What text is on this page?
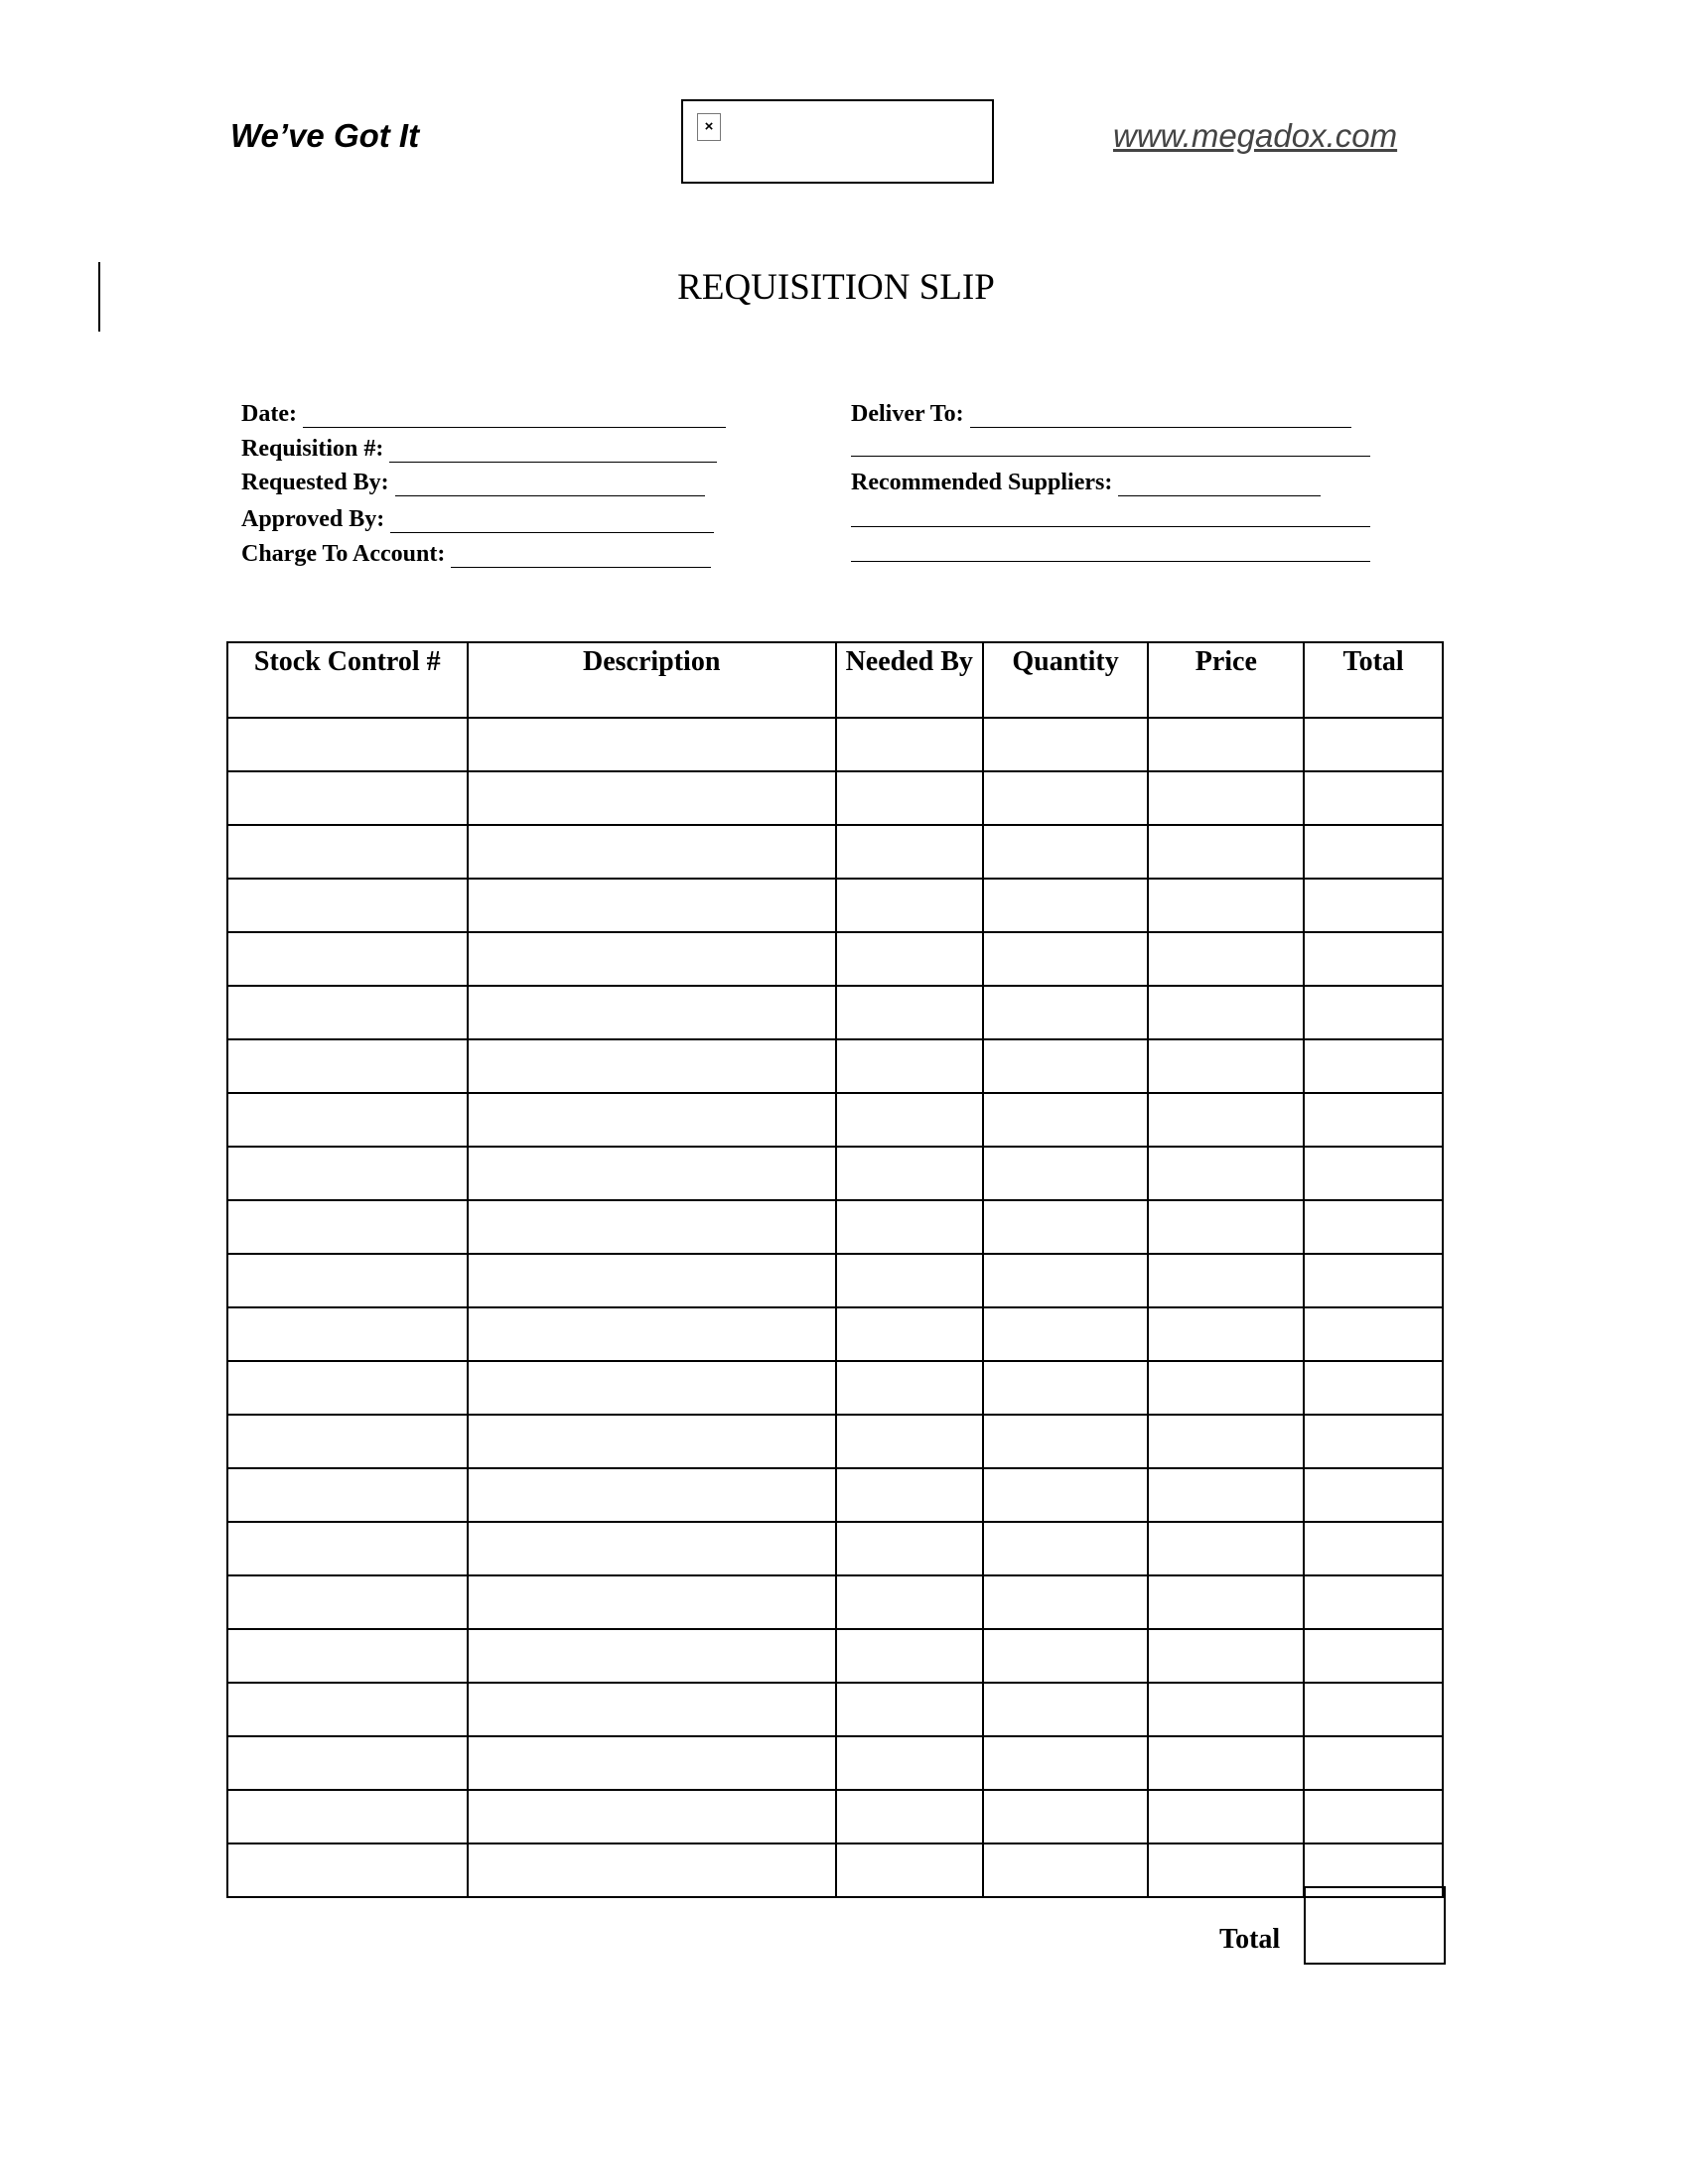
We’ve Got It	×	www.megadox.com
REQUISITION SLIP
Date:
Requisition #:
Requested By:
Approved By:
Charge To Account:
Deliver To:
Recommended Suppliers:
Stock Control #	Description	Needed By	Quantity	Price	Total

Total
